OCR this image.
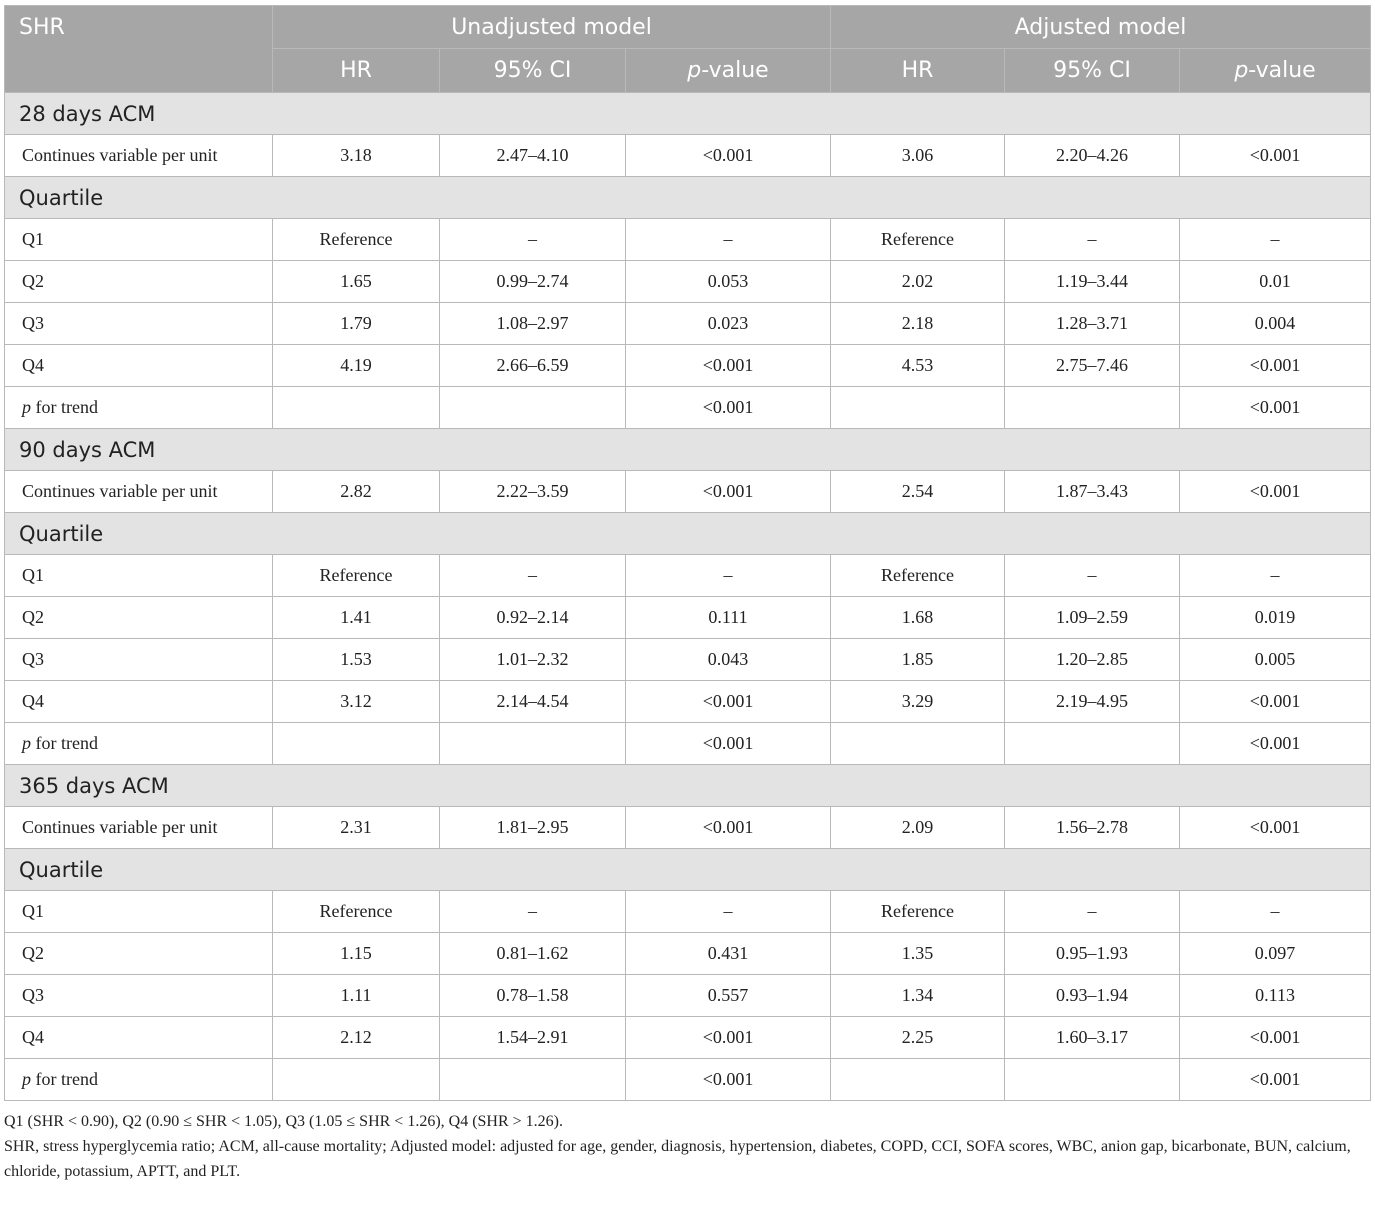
SHR	Unadjusted model			Adjusted model		
	HR	95% CI	p-value	HR	95% CI	p-value
28 days ACM						
Continues variable per unit	3.18	2.47–4.10	<0.001	3.06	2.20–4.26	<0.001
Quartile						
Q1	Reference	–	–	Reference	–	–
Q2	1.65	0.99–2.74	0.053	2.02	1.19–3.44	0.01
Q3	1.79	1.08–2.97	0.023	2.18	1.28–3.71	0.004
Q4	4.19	2.66–6.59	<0.001	4.53	2.75–7.46	<0.001
p for trend			<0.001			<0.001
90 days ACM						
Continues variable per unit	2.82	2.22–3.59	<0.001	2.54	1.87–3.43	<0.001
Quartile						
Q1	Reference	–	–	Reference	–	–
Q2	1.41	0.92–2.14	0.111	1.68	1.09–2.59	0.019
Q3	1.53	1.01–2.32	0.043	1.85	1.20–2.85	0.005
Q4	3.12	2.14–4.54	<0.001	3.29	2.19–4.95	<0.001
p for trend			<0.001			<0.001
365 days ACM						
Continues variable per unit	2.31	1.81–2.95	<0.001	2.09	1.56–2.78	<0.001
Quartile						
Q1	Reference	–	–	Reference	–	–
Q2	1.15	0.81–1.62	0.431	1.35	0.95–1.93	0.097
Q3	1.11	0.78–1.58	0.557	1.34	0.93–1.94	0.113
Q4	2.12	1.54–2.91	<0.001	2.25	1.60–3.17	<0.001
p for trend			<0.001			<0.001

Q1 (SHR < 0.90), Q2 (0.90 ≤ SHR < 1.05), Q3 (1.05 ≤ SHR < 1.26), Q4 (SHR > 1.26).

SHR, stress hyperglycemia ratio; ACM, all-cause mortality; Adjusted model: adjusted for age, gender, diagnosis, hypertension, diabetes, COPD, CCI, SOFA scores, WBC, anion gap, bicarbonate, BUN, calcium, chloride, potassium, APTT, and PLT.
